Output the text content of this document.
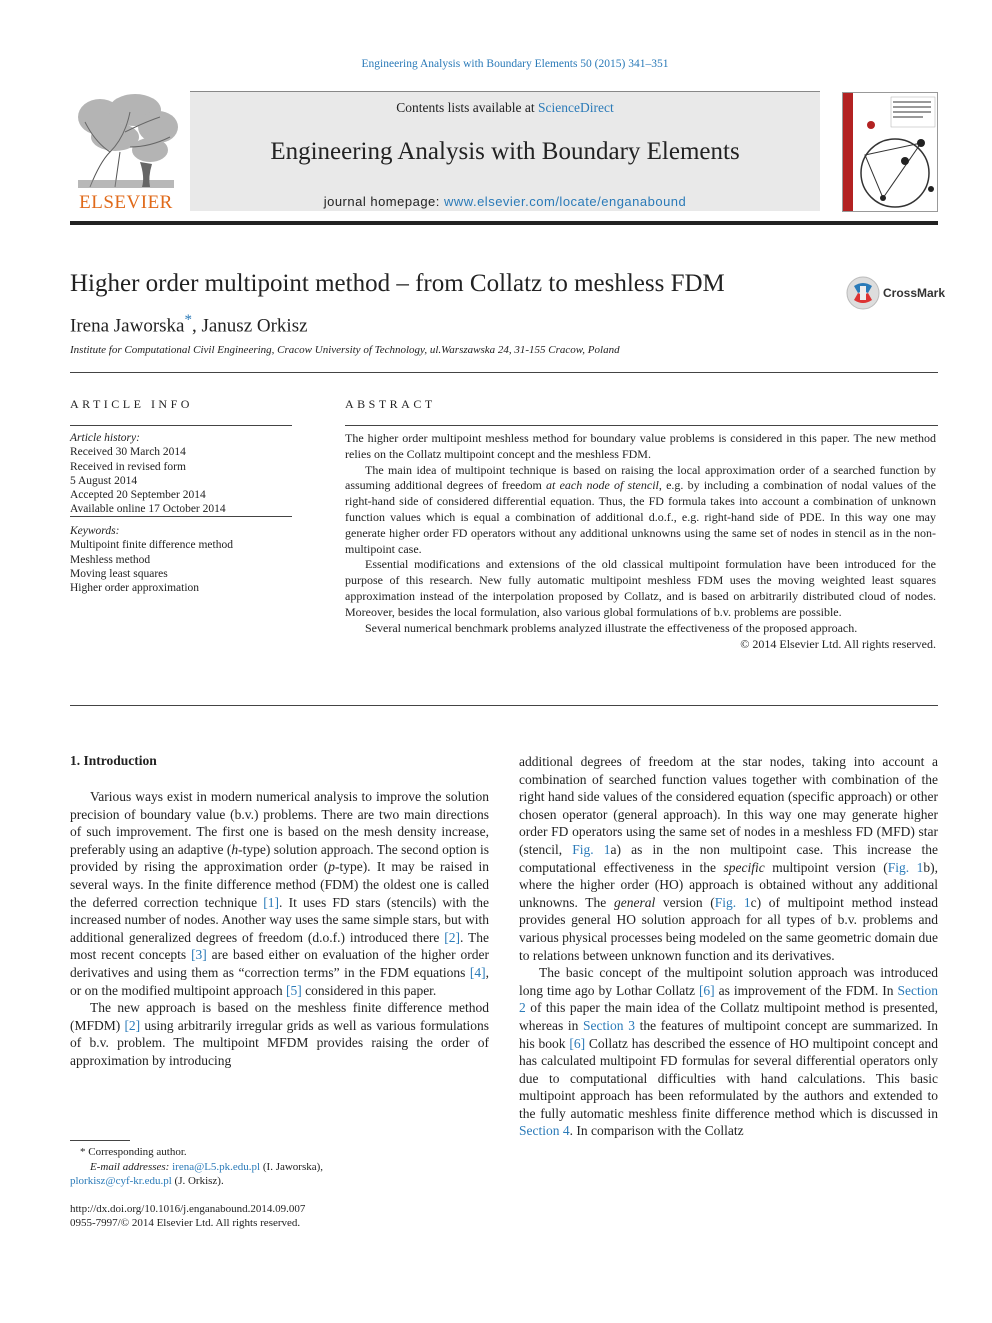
Engineering Analysis with Boundary Elements 50 (2015) 341–351
ELSEVIER
Contents lists available at ScienceDirect
Engineering Analysis with Boundary Elements
journal homepage: www.elsevier.com/locate/enganabound
Higher order multipoint method – from Collatz to meshless FDM	CrossMark
Irena Jaworska*, Janusz Orkisz
Institute for Computational Civil Engineering, Cracow University of Technology, ul.Warszawska 24, 31-155 Cracow, Poland
ARTICLE INFO
Article history:
Received 30 March 2014
Received in revised form
5 August 2014
Accepted 20 September 2014
Available online 17 October 2014
Keywords:
Multipoint finite difference method
Meshless method
Moving least squares
Higher order approximation
ABSTRACT

The higher order multipoint meshless method for boundary value problems is considered in this paper. The new method relies on the Collatz multipoint concept and the meshless FDM.

The main idea of multipoint technique is based on raising the local approximation order of a searched function by assuming additional degrees of freedom at each node of stencil, e.g. by including a combination of nodal values of the right-hand side of considered differential equation. Thus, the FD formula takes into account a combination of unknown function values which is equal a combination of additional d.o.f., e.g. right-hand side of PDE. In this way one may generate higher order FD operators without any additional unknowns using the same set of nodes in stencil as in the non-multipoint case.

Essential modifications and extensions of the old classical multipoint formulation have been introduced for the purpose of this research. New fully automatic multipoint meshless FDM uses the moving weighted least squares approximation instead of the interpolation proposed by Collatz, and is based on arbitrarily distributed cloud of nodes. Moreover, besides the local formulation, also various global formulations of b.v. problems are possible.

Several numerical benchmark problems analyzed illustrate the effectiveness of the proposed approach.

© 2014 Elsevier Ltd. All rights reserved.

1. Introduction

Various ways exist in modern numerical analysis to improve the solution precision of boundary value (b.v.) problems. There are two main directions of such improvement. The first one is based on the mesh density increase, preferably using an adaptive (h-type) solution approach. The second option is provided by rising the approximation order (p-type). It may be raised in several ways. In the finite difference method (FDM) the oldest one is called the deferred correction technique [1]. It uses FD stars (stencils) with the increased number of nodes. Another way uses the same simple stars, but with additional generalized degrees of freedom (d.o.f.) introduced there [2]. The most recent concepts [3] are based either on evaluation of the higher order derivatives and using them as “correction terms” in the FDM equations [4], or on the modified multipoint approach [5] considered in this paper.

The new approach is based on the meshless finite difference method (MFDM) [2] using arbitrarily irregular grids as well as various formulations of b.v. problem. The multipoint MFDM provides raising the order of approximation by introducing

additional degrees of freedom at the star nodes, taking into account a combination of searched function values together with combination of the right hand side values of the considered equation (specific approach) or other chosen operator (general approach). In this way one may generate higher order FD operators using the same set of nodes in a meshless FD (MFD) star (stencil, Fig. 1a) as in the non multipoint case. This increase the computational effectiveness in the specific multipoint version (Fig. 1b), where the higher order (HO) approach is obtained without any additional unknowns. The general version (Fig. 1c) of multipoint method instead provides general HO solution approach for all types of b.v. problems and various physical processes being modeled on the same geometric domain due to relations between unknown function and its derivatives.

The basic concept of the multipoint solution approach was introduced long time ago by Lothar Collatz [6] as improvement of the FDM. In Section 2 of this paper the main idea of the Collatz multipoint method is presented, whereas in Section 3 the features of multipoint concept are summarized. In his book [6] Collatz has described the essence of HO multipoint concept and has calculated multipoint FD formulas for several differential operators only due to computational difficulties with hand calculations. This basic multipoint approach has been reformulated by the authors and extended to the fully automatic meshless finite difference method which is discussed in Section 4. In comparison with the Collatz

* Corresponding author.
E-mail addresses: irena@L5.pk.edu.pl (I. Jaworska),
plorkisz@cyf-kr.edu.pl (J. Orkisz).
http://dx.doi.org/10.1016/j.enganabound.2014.09.007
0955-7997/© 2014 Elsevier Ltd. All rights reserved.
